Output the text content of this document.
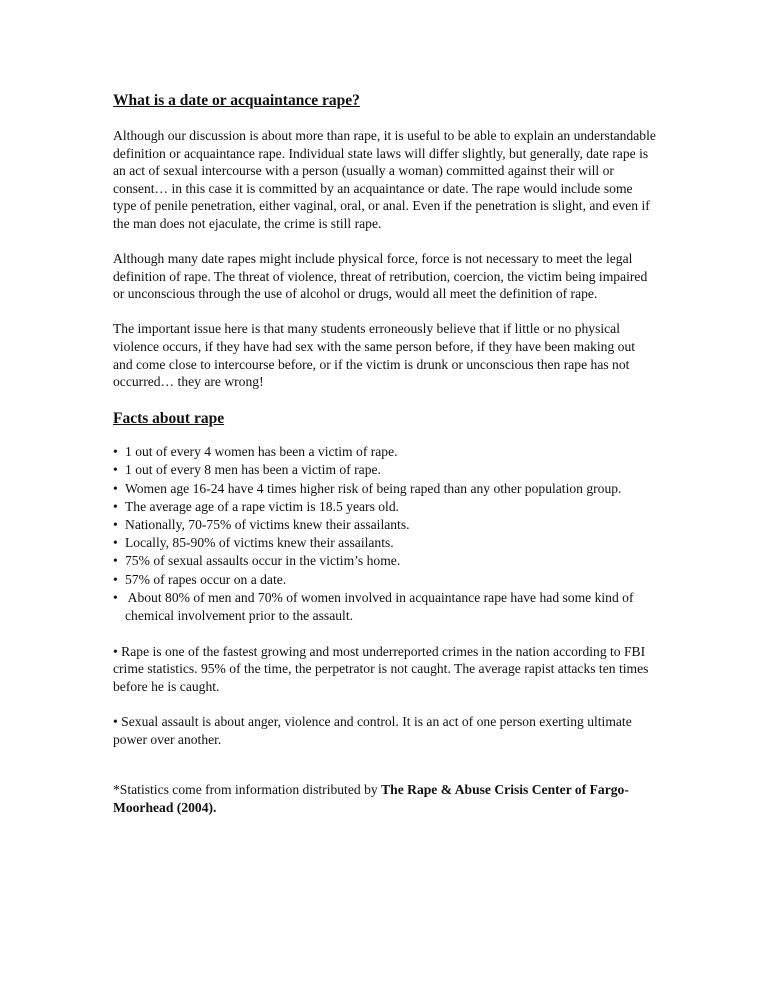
What is a date or acquaintance rape?

Although our discussion is about more than rape, it is useful to be able to explain an understandable definition or acquaintance rape. Individual state laws will differ slightly, but generally, date rape is an act of sexual intercourse with a person (usually a woman) committed against their will or consent… in this case it is committed by an acquaintance or date. The rape would include some type of penile penetration, either vaginal, oral, or anal. Even if the penetration is slight, and even if the man does not ejaculate, the crime is still rape.

Although many date rapes might include physical force, force is not necessary to meet the legal definition of rape. The threat of violence, threat of retribution, coercion, the victim being impaired or unconscious through the use of alcohol or drugs, would all meet the definition of rape.

The important issue here is that many students erroneously believe that if little or no physical violence occurs, if they have had sex with the same person before, if they have been making out and come close to intercourse before, or if the victim is drunk or unconscious then rape has not occurred… they are wrong!

Facts about rape
• 1 out of every 4 women has been a victim of rape.
• 1 out of every 8 men has been a victim of rape.
• Women age 16-24 have 4 times higher risk of being raped than any other population group.
• The average age of a rape victim is 18.5 years old.
• Nationally, 70-75% of victims knew their assailants.
• Locally, 85-90% of victims knew their assailants.
• 75% of sexual assaults occur in the victim’s home.
• 57% of rapes occur on a date.
• About 80% of men and 70% of women involved in acquaintance rape have had some kind of chemical involvement prior to the assault.

• Rape is one of the fastest growing and most underreported crimes in the nation according to FBI crime statistics. 95% of the time, the perpetrator is not caught. The average rapist attacks ten times before he is caught.

• Sexual assault is about anger, violence and control. It is an act of one person exerting ultimate power over another.

*Statistics come from information distributed by The Rape & Abuse Crisis Center of Fargo-Moorhead (2004).
